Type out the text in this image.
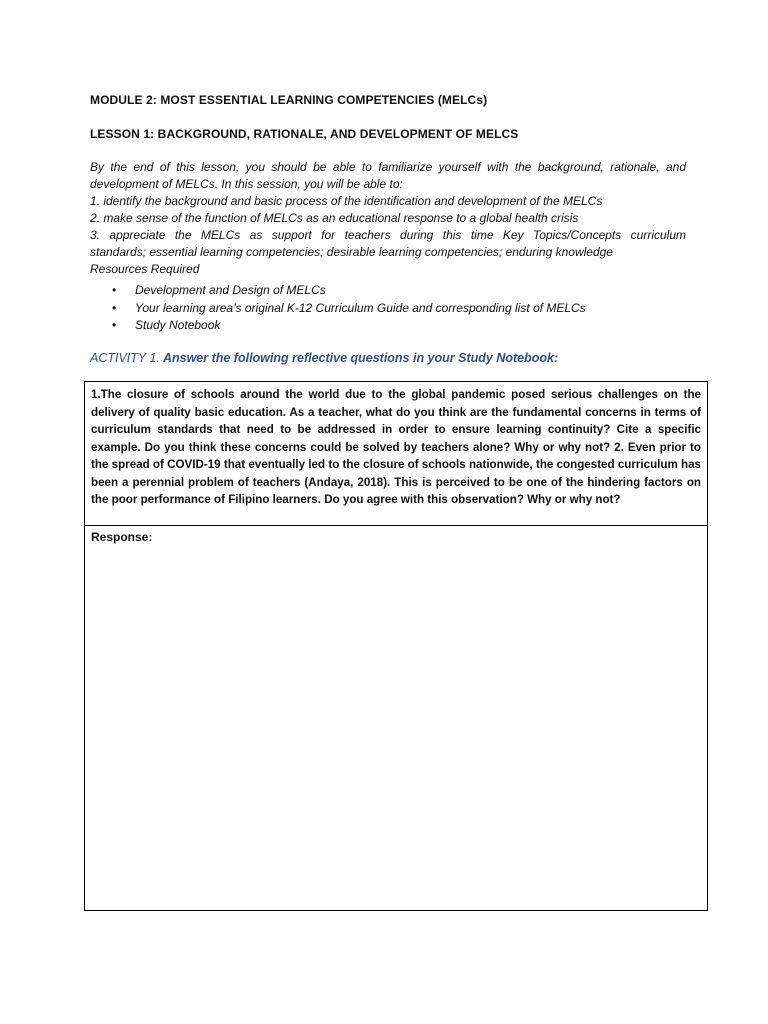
MODULE 2: MOST ESSENTIAL LEARNING COMPETENCIES (MELCs)
LESSON 1: BACKGROUND, RATIONALE, AND DEVELOPMENT OF MELCS

By the end of this lesson, you should be able to familiarize yourself with the background, rationale, and

development of MELCs. In this session, you will be able to:

1. identify the background and basic process of the identification and development of the MELCs

2. make sense of the function of MELCs as an educational response to a global health crisis

3. appreciate the MELCs as support for teachers during this time Key Topics/Concepts curriculum

standards; essential learning competencies; desirable learning competencies; enduring knowledge

Resources Required

• Development and Design of MELCs
• Your learning area’s original K-12 Curriculum Guide and corresponding list of MELCs
• Study Notebook
ACTIVITY 1. Answer the following reflective questions in your Study Notebook:

1.The closure of schools around the world due to the global pandemic posed serious challenges on the delivery of quality basic education. As a teacher, what do you think are the fundamental concerns in terms of curriculum standards that need to be addressed in order to ensure learning continuity? Cite a specific example. Do you think these concerns could be solved by teachers alone? Why or why not? 2. Even prior to the spread of COVID-19 that eventually led to the closure of schools nationwide, the congested curriculum has been a perennial problem of teachers (Andaya, 2018). This is perceived to be one of the hindering factors on the poor performance of Filipino learners. Do you agree with this observation? Why or why not?

Response:
